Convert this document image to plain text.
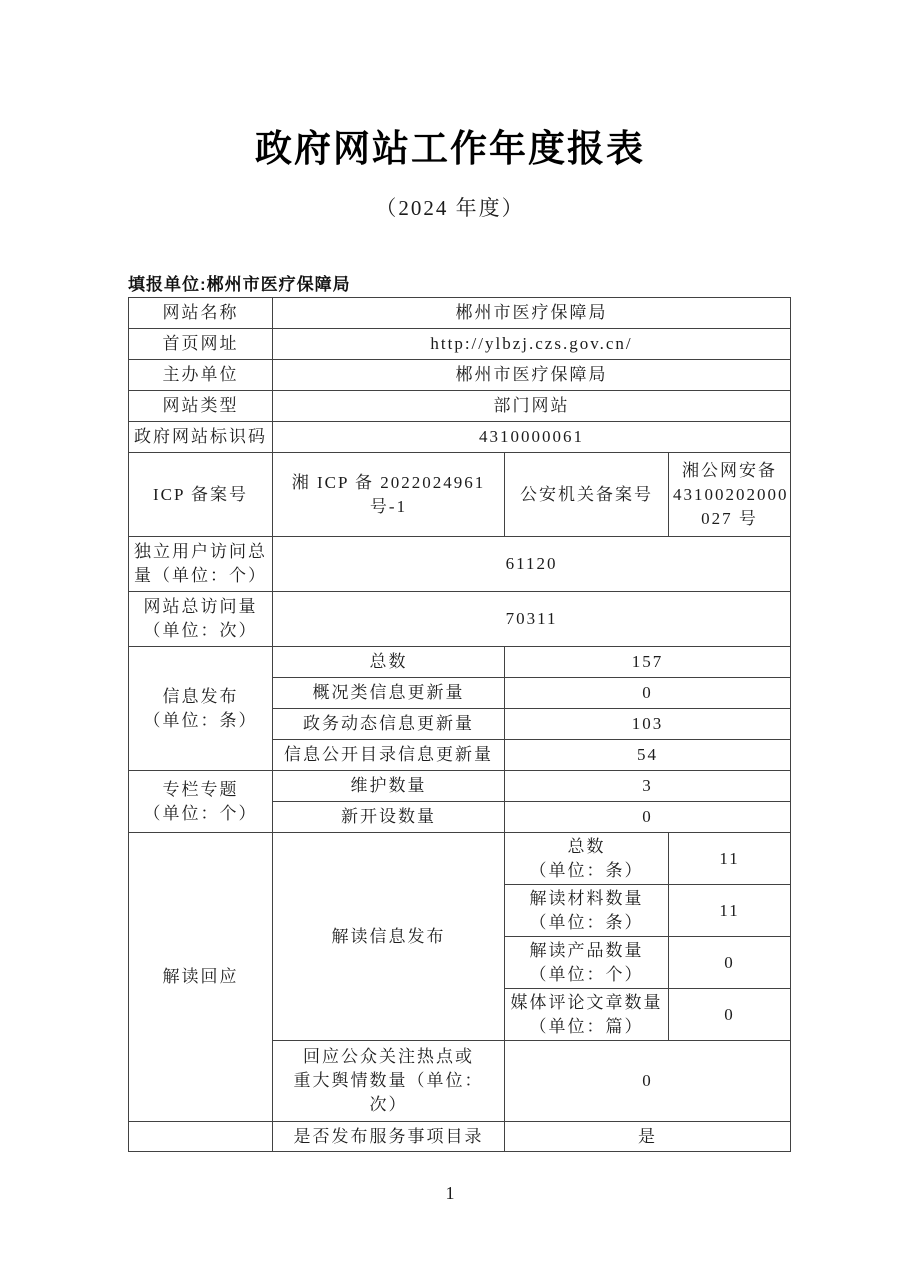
政府网站工作年度报表
（2024 年度）
填报单位:郴州市医疗保障局
网站名称	郴州市医疗保障局		
首页网址	http://ylbzj.czs.gov.cn/		
主办单位	郴州市医疗保障局		
网站类型	部门网站		
政府网站标识码	4310000061		
ICP 备案号	湘 ICP 备 2022024961 号-1	公安机关备案号	湘公网安备
43100202000
027 号

独立用户访问总
量（单位：个）	61120		

网站总访问量
（单位：次）	70311		

信息发布
（单位：条）	总数	157	
	概况类信息更新量	0	
	政务动态信息更新量	103	
	信息公开目录信息更新量	54	

专栏专题
（单位：个）	维护数量	3	
	新开设数量	0	
解读回应	解读信息发布	总数
（单位：条）	11

		解读材料数量
（单位：条）	11

		解读产品数量
（单位：个）	0

		媒体评论文章数量
（单位：篇）	0

	回应公众关注热点或
重大舆情数量（单位：
次）	0	
	是否发布服务事项目录	是	
1
